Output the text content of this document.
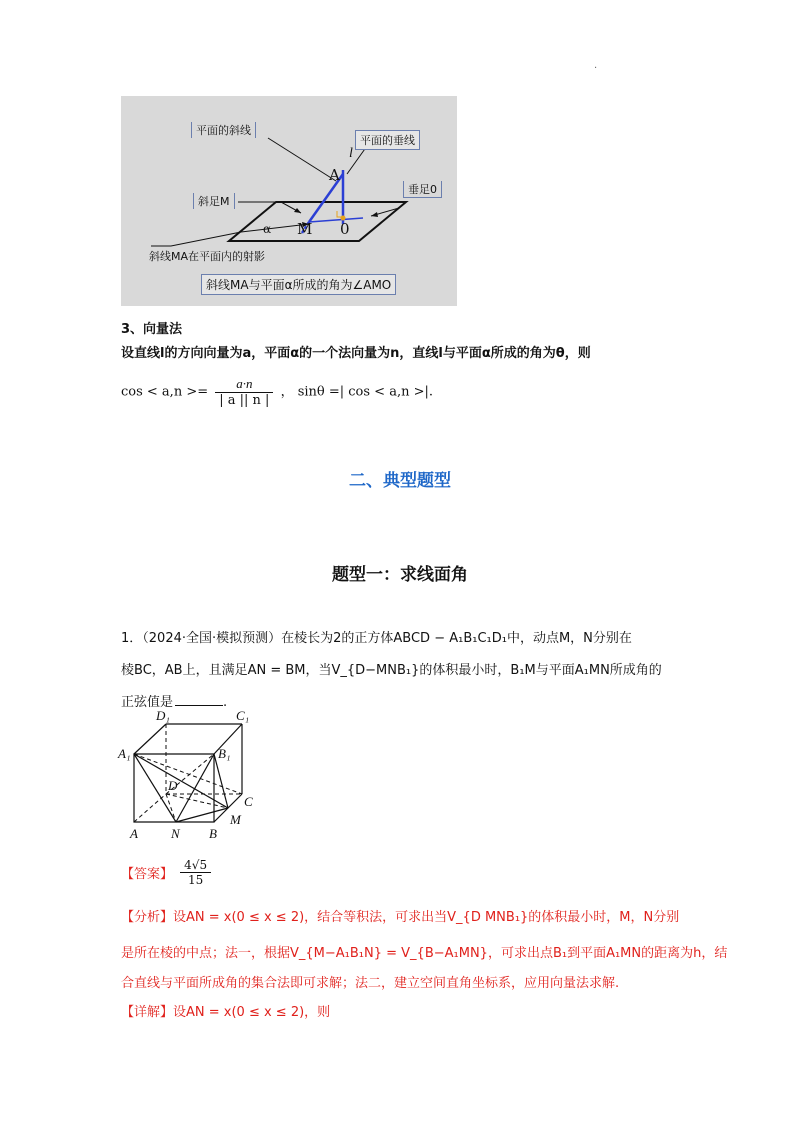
.
平面的斜线
平面的垂线
l
A
斜足M
垂足0
α M 0
斜线MA在平面内的射影
斜线MA与平面α所成的角为∠AMO
3、向量法
设直线l的方向向量为a，平面α的一个法向量为n，直线l与平面α所成的角为θ，则
$\cos < a,n >= \frac{a\cdot n}{| a || n |}$ ， sinθ =| cos < a,n >|.
二、典型题型
题型一：求线面角
1．（2024·全国·模拟预测）在棱长为2的正方体ABCD − A₁B₁C₁D₁中，动点M，N分别在
棱BC，AB上，且满足AN = BM，当V_{D−MNB₁}的体积最小时，B₁M与平面A₁MN所成角的
正弦值是	.
D₁	C₁
A₁	B₁
D
C
M
A	N B
【答案】 $\frac{4√5}{15}$
【分析】设AN = x(0 ≤ x ≤ 2)，结合等积法，可求出当V_{D MNB₁}的体积最小时，M，N分别
是所在棱的中点；法一，根据V_{M−A₁B₁N} = V_{B−A₁MN}，可求出点B₁到平面A₁MN的距离为h，结
合直线与平面所成角的集合法即可求解；法二，建立空间直角坐标系，应用向量法求解.
【详解】设AN = x(0 ≤ x ≤ 2)，则
